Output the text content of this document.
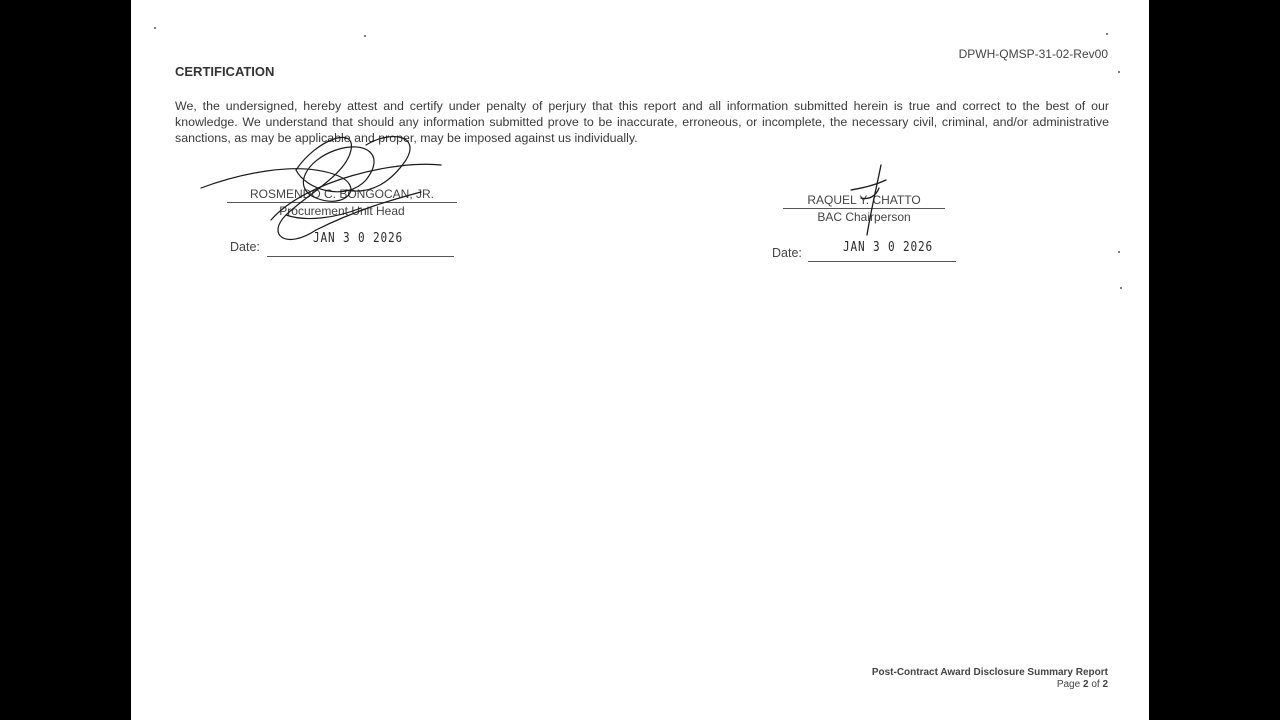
DPWH-QMSP-31-02-Rev00
CERTIFICATION

We, the undersigned, hereby attest and certify under penalty of perjury that this report and all information submitted herein is true and correct to the best of our knowledge. We understand that should any information submitted prove to be inaccurate, erroneous, or incomplete, the necessary civil, criminal, and/or administrative sanctions, as may be applicable and proper, may be imposed against us individually.

ROSMENDO C. BONGOCAN, JR.
Procurement Unit Head
Date:
JAN 3 0 2026
RAQUEL Y. CHATTO
BAC Chairperson
Date:	JAN 3 0 2026
Post-Contract Award Disclosure Summary Report
Page 2 of 2
